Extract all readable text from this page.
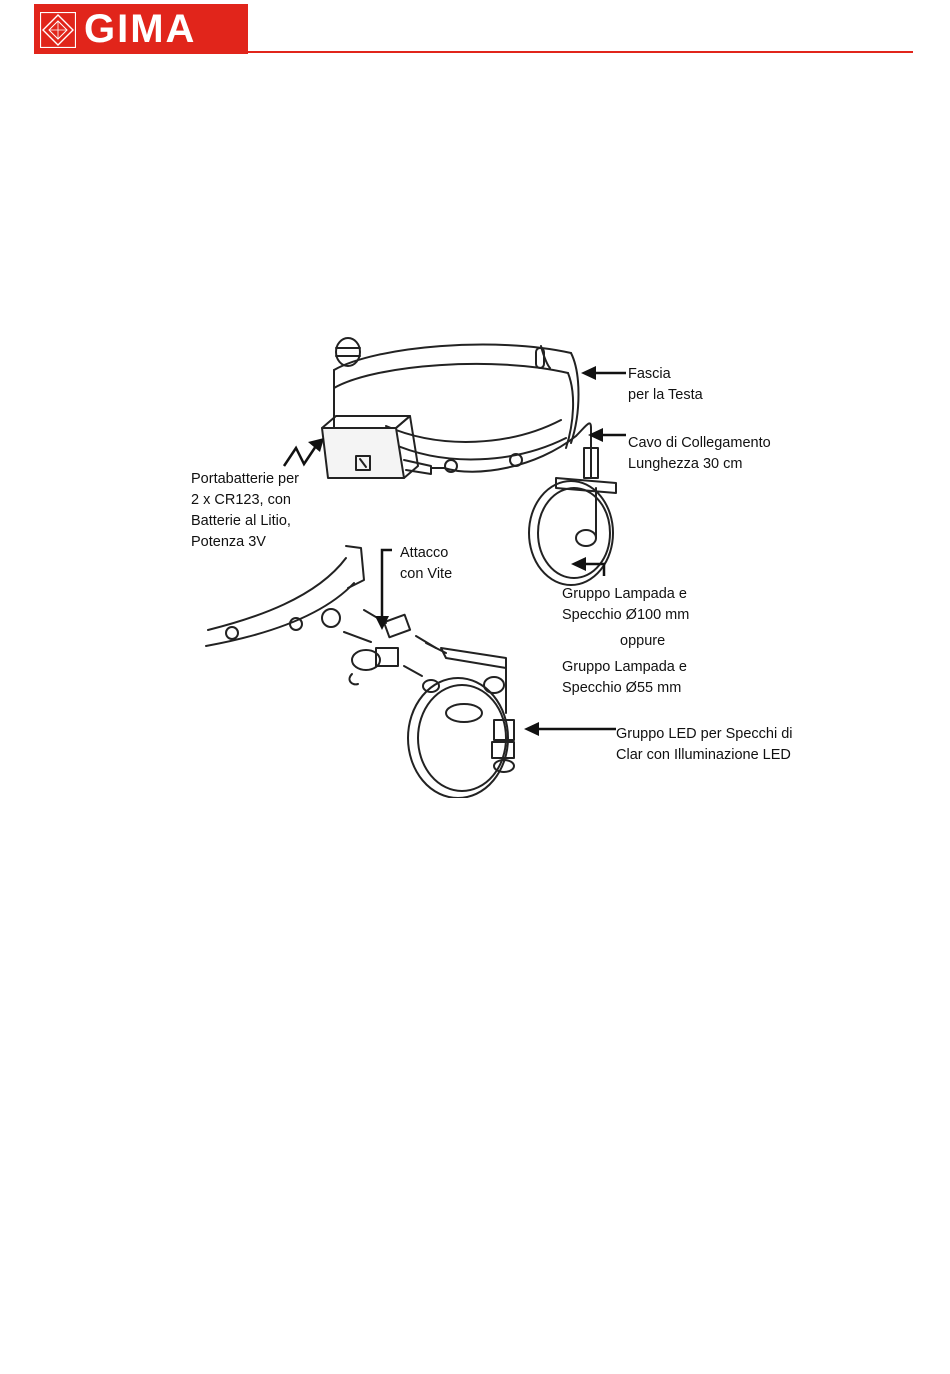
GIMA
Fascia
per la Testa
Cavo di Collegamento
Lunghezza 30 cm
Portabatterie per
2 x CR123, con
Batterie al Litio,
Potenza 3V
Attacco
con Vite
Gruppo Lampada e
Specchio Ø100 mm
oppure
Gruppo Lampada e
Specchio Ø55 mm
Gruppo LED per Specchi di
Clar con Illuminazione LED
